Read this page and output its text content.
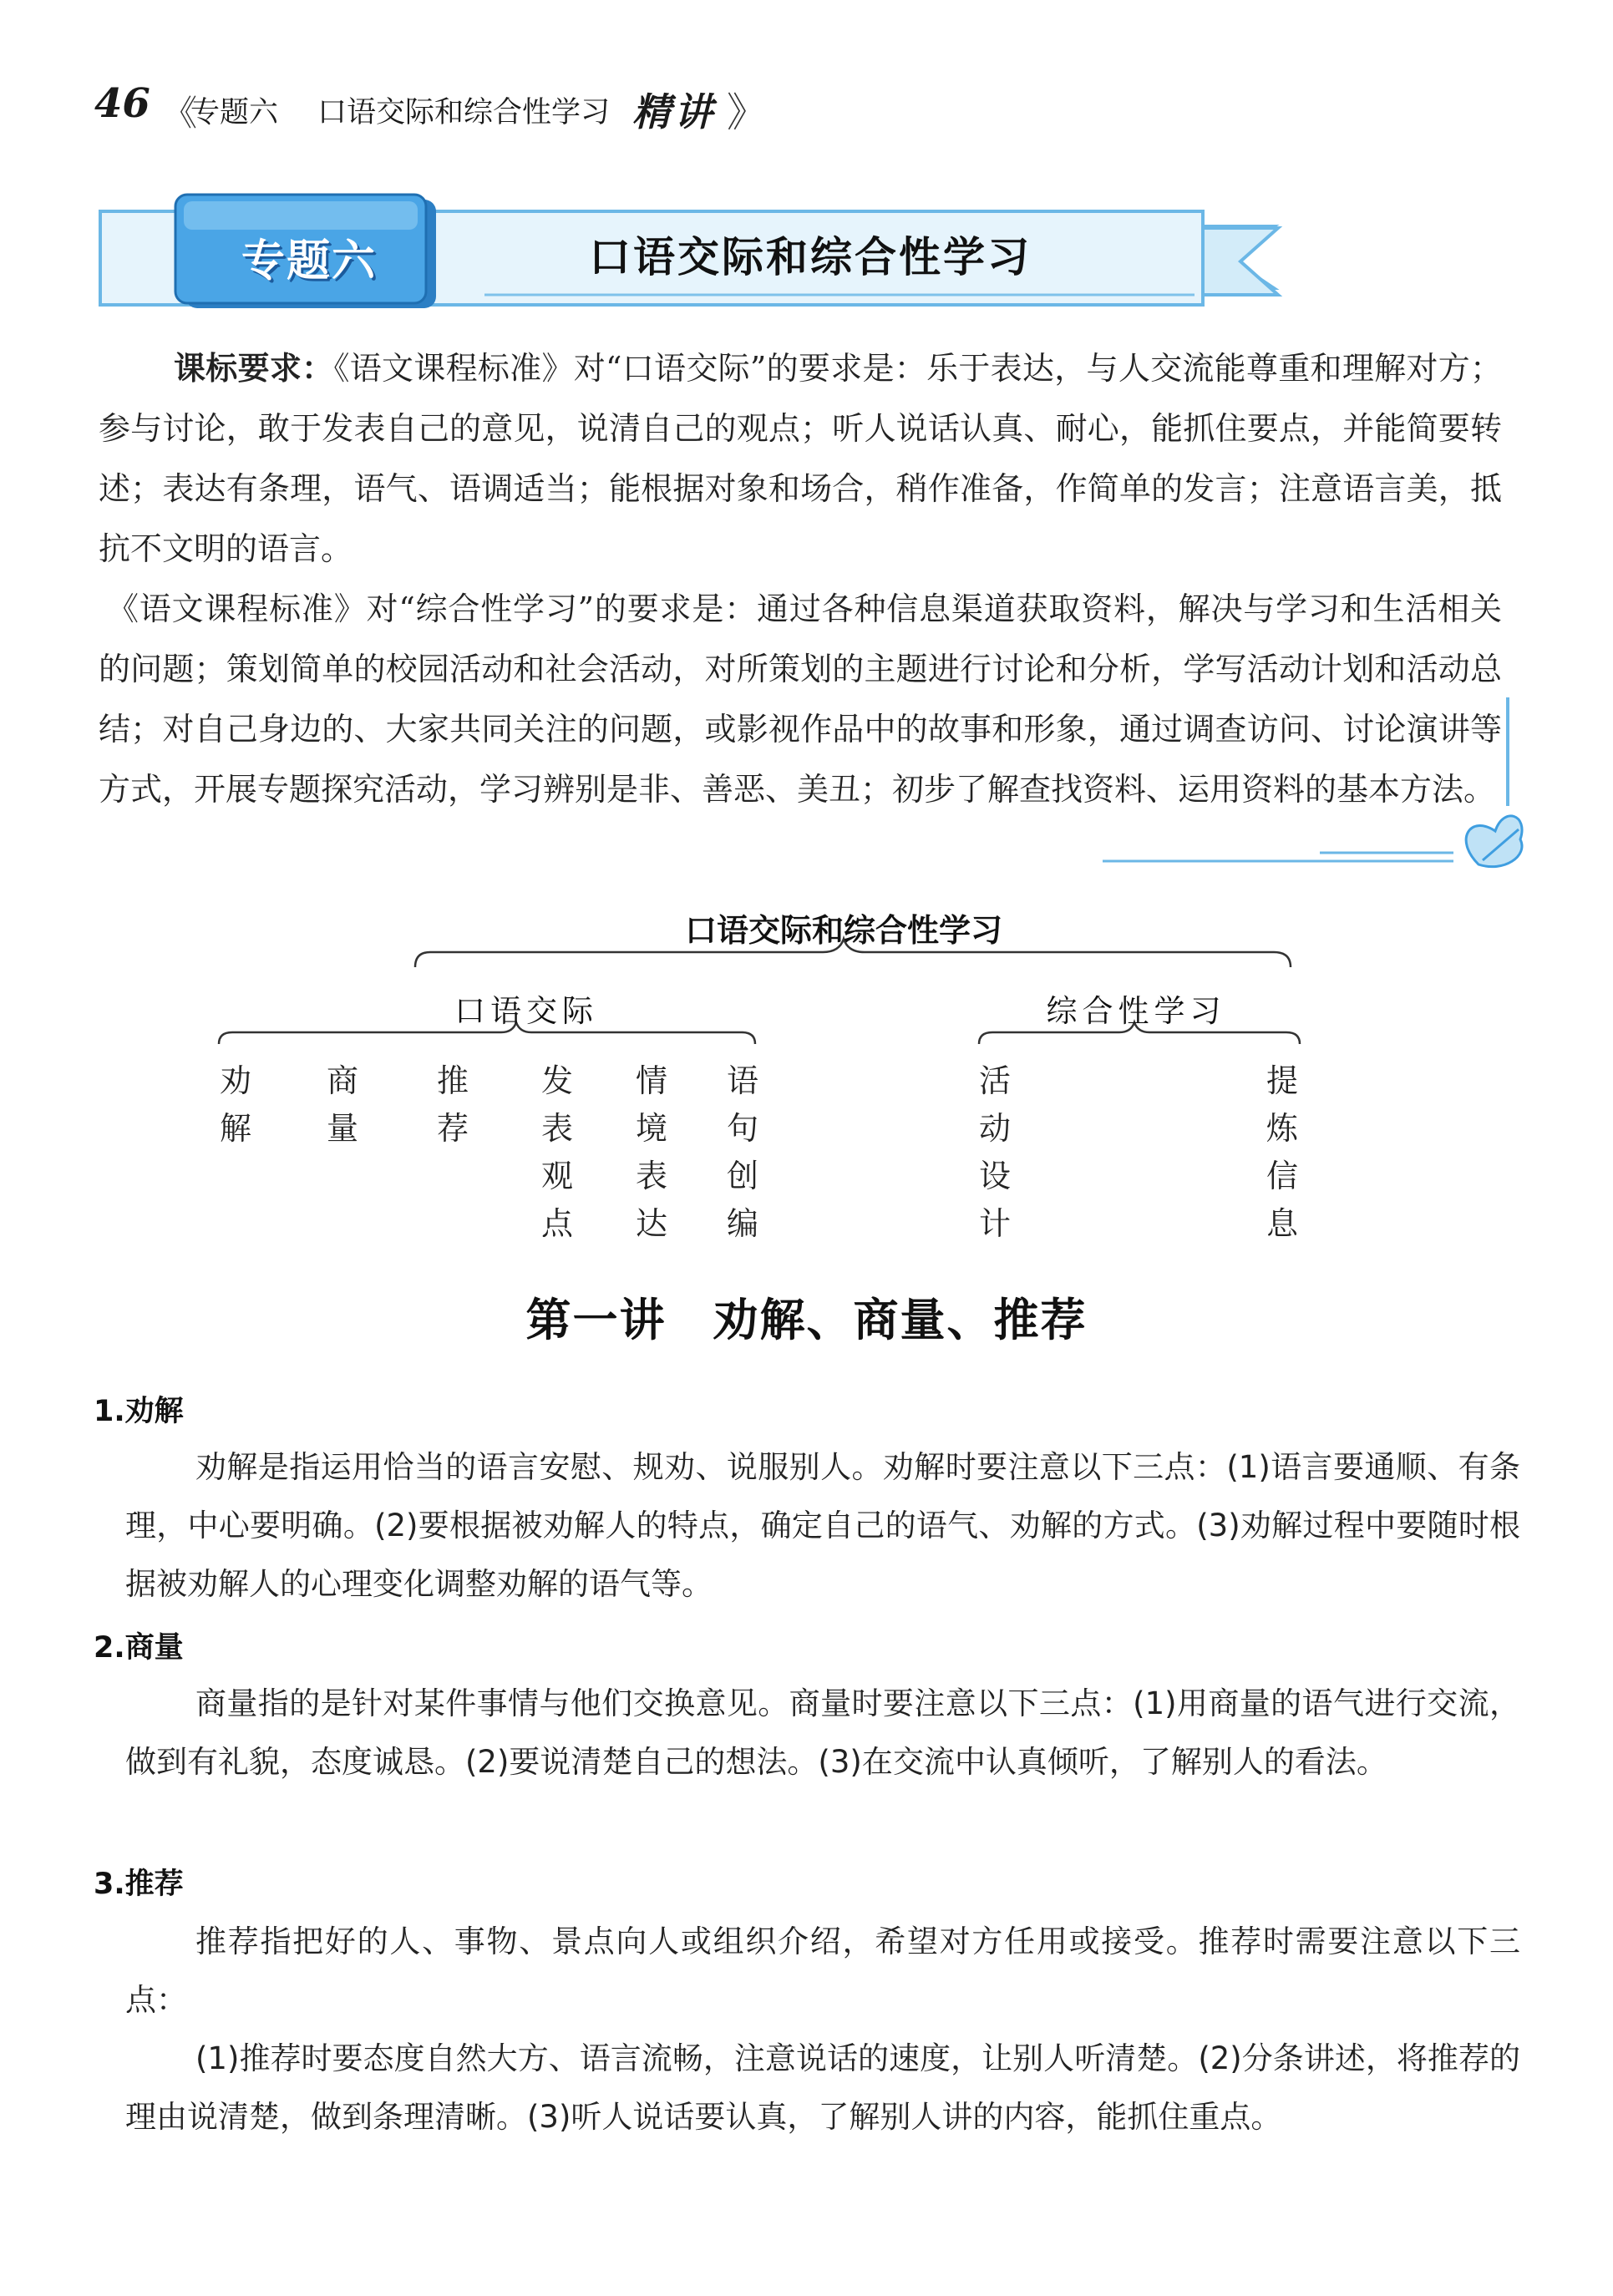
46 《
专题六 口语交际和综合性学习 精讲 》
专题六	口语交际和综合性学习
课标要求：《语文课程标准》对“口语交际”的要求是：乐于表达，与人交流能尊重和理解对方；参与讨论，敢于发表自己的意见，说清自己的观点；听人说话认真、耐心，能抓住要点，并能简要转述；表达有条理，语气、语调适当；能根据对象和场合，稍作准备，作简单的发言；注意语言美，抵抗不文明的语言。
《语文课程标准》对“综合性学习”的要求是：通过各种信息渠道获取资料，解决与学习和生活相关的问题；策划简单的校园活动和社会活动，对所策划的主题进行讨论和分析，学写活动计划和活动总结；对自己身边的、大家共同关注的问题，或影视作品中的故事和形象，通过调查访问、讨论演讲等方式，开展专题探究活动，学习辨别是非、善恶、美丑；初步了解查找资料、运用资料的基本方法。
口语交际和综合性学习
口语交际	综合性学习
劝
解
商
量
推
荐
发
表
观
点
情
境
表
达
语
句
创
编
活
动
设
计
提
炼
信
息
第一讲　劝解、商量、推荐
1.劝解
劝解是指运用恰当的语言安慰、规劝、说服别人。劝解时要注意以下三点：(1)语言要通顺、有条理，中心要明确。(2)要根据被劝解人的特点，确定自己的语气、劝解的方式。(3)劝解过程中要随时根据被劝解人的心理变化调整劝解的语气等。
2.商量
商量指的是针对某件事情与他们交换意见。商量时要注意以下三点：(1)用商量的语气进行交流，做到有礼貌，态度诚恳。(2)要说清楚自己的想法。(3)在交流中认真倾听，了解别人的看法。
3.推荐
推荐指把好的人、事物、景点向人或组织介绍，希望对方任用或接受。推荐时需要注意以下三点：
(1)推荐时要态度自然大方、语言流畅，注意说话的速度，让别人听清楚。(2)分条讲述，将推荐的理由说清楚，做到条理清晰。(3)听人说话要认真，了解别人讲的内容，能抓住重点。
